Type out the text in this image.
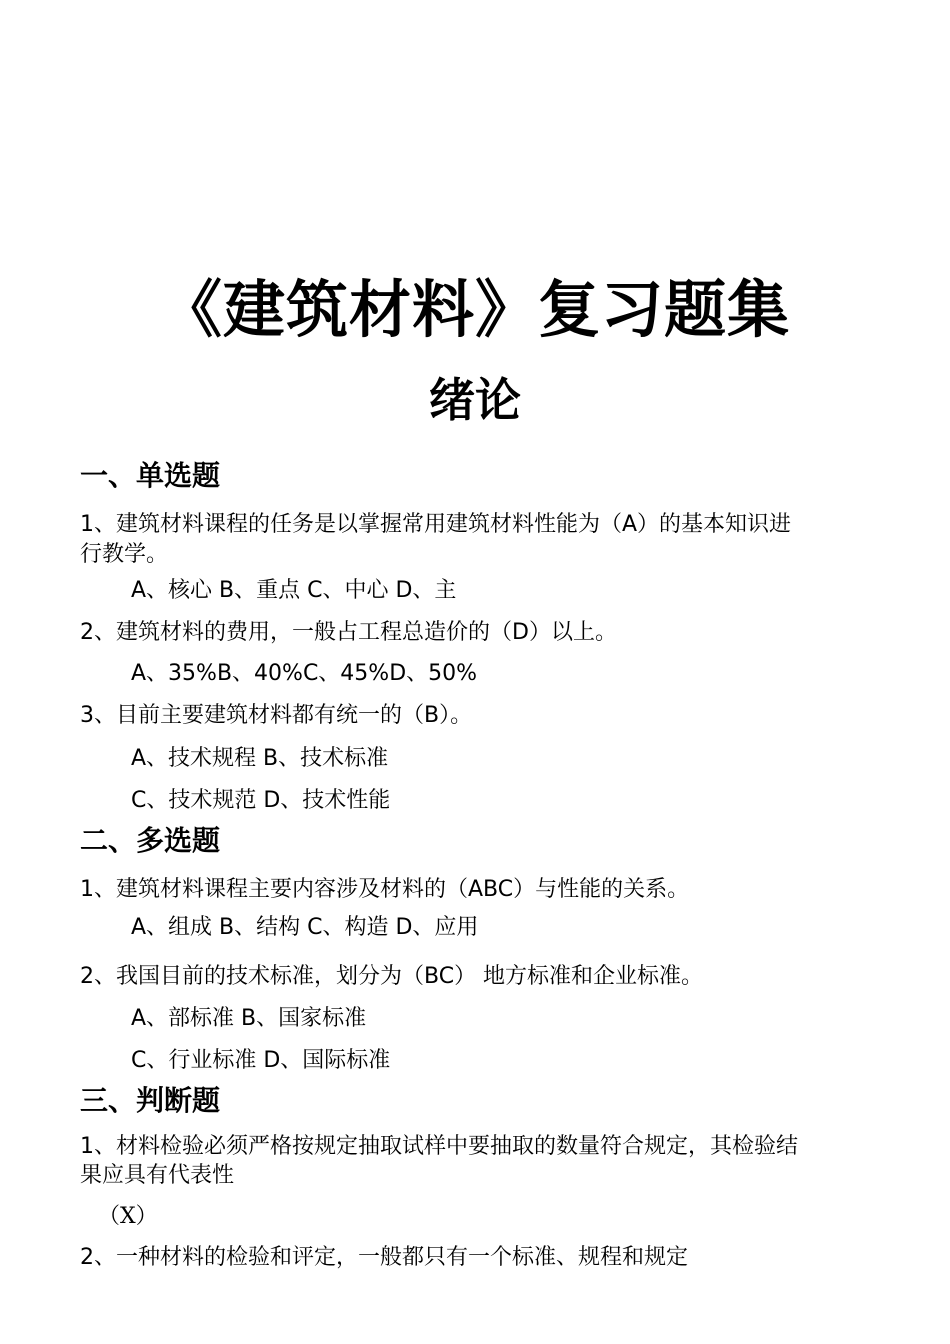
《建筑材料》复习题集
绪论
一、单选题
1、建筑材料课程的任务是以掌握常用建筑材料性能为（A）的基本知识进
行教学。
A、核心 B、重点 C、中心 D、主
2、建筑材料的费用，一般占工程总造价的（D）以上。
A、35%B、40%C、45%D、50%
3、目前主要建筑材料都有统一的（B）。
A、技术规程 B、技术标准
C、技术规范 D、技术性能
二、多选题
1、建筑材料课程主要内容涉及材料的（ABC）与性能的关系。
A、组成 B、结构 C、构造 D、应用
2、我国目前的技术标准，划分为（BC） 地方标准和企业标准。
A、部标准 B、国家标准
C、行业标准 D、国际标准
三、判断题
1、材料检验必须严格按规定抽取试样中要抽取的数量符合规定，其检验结
果应具有代表性
（X）
2、一种材料的检验和评定，一般都只有一个标准、规程和规定
